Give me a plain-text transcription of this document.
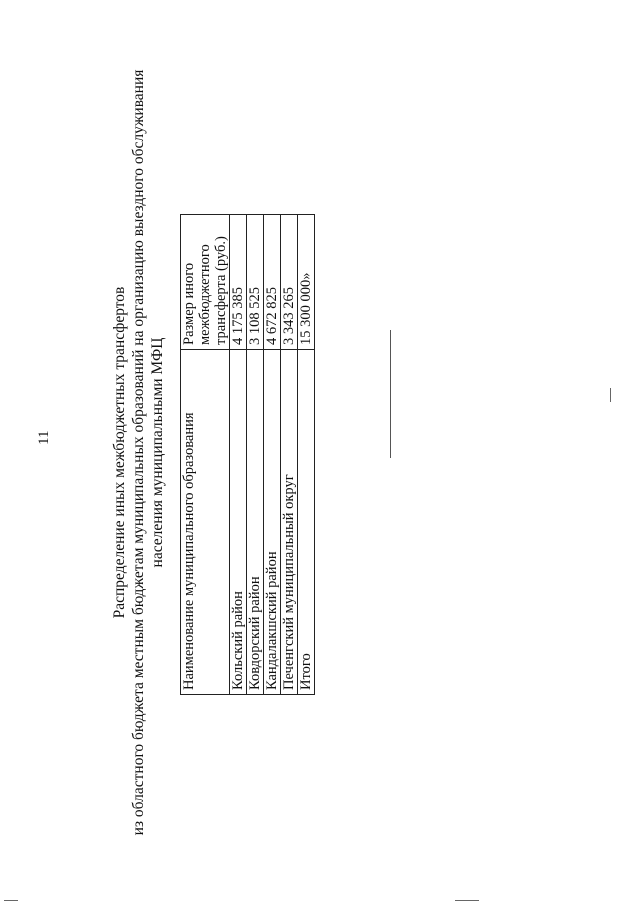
11	Распределение иных межбюджетных трансфертов из областного бюджета местным бюджетам муниципальных образований на организацию выездного обслуживания населения муниципальными МФЦ Наименование муниципального образования	Размер иного межбюджетного трансферта (руб.)

Кольский район	4 175 385
Ковдорский район	3 108 525
Кандалакшский район	4 672 825
Печенгский муниципальный округ	3 343 265
Итого	15 300 000»
